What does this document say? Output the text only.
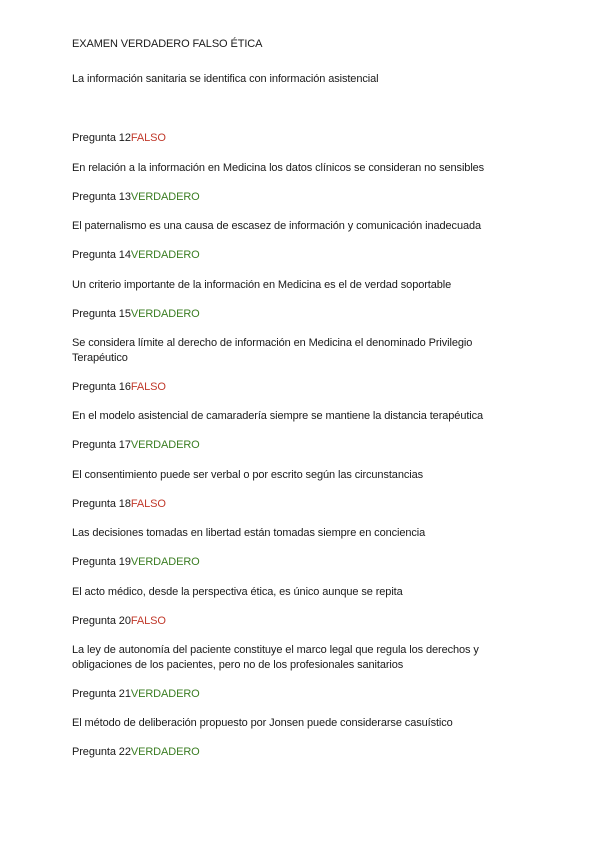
EXAMEN VERDADERO FALSO ÉTICA
La información sanitaria se identifica con información asistencial
Pregunta 12FALSO
En relación a la información en Medicina los datos clínicos se consideran no sensibles
Pregunta 13VERDADERO
El paternalismo es una causa de escasez de información y comunicación inadecuada
Pregunta 14VERDADERO
Un criterio importante de la información en Medicina es el de verdad soportable
Pregunta 15VERDADERO
Se considera límite al derecho de información en Medicina el denominado Privilegio Terapéutico
Pregunta 16FALSO
En el modelo asistencial de camaradería siempre se mantiene la distancia terapéutica
Pregunta 17VERDADERO
El consentimiento puede ser verbal o por escrito según las circunstancias
Pregunta 18FALSO
Las decisiones tomadas en libertad están tomadas siempre en conciencia
Pregunta 19VERDADERO
El acto médico, desde la perspectiva ética, es único aunque se repita
Pregunta 20FALSO
La ley de autonomía del paciente constituye el marco legal que regula los derechos y obligaciones de los pacientes, pero no de los profesionales sanitarios
Pregunta 21VERDADERO
El método de deliberación propuesto por Jonsen puede considerarse casuístico
Pregunta 22VERDADERO
